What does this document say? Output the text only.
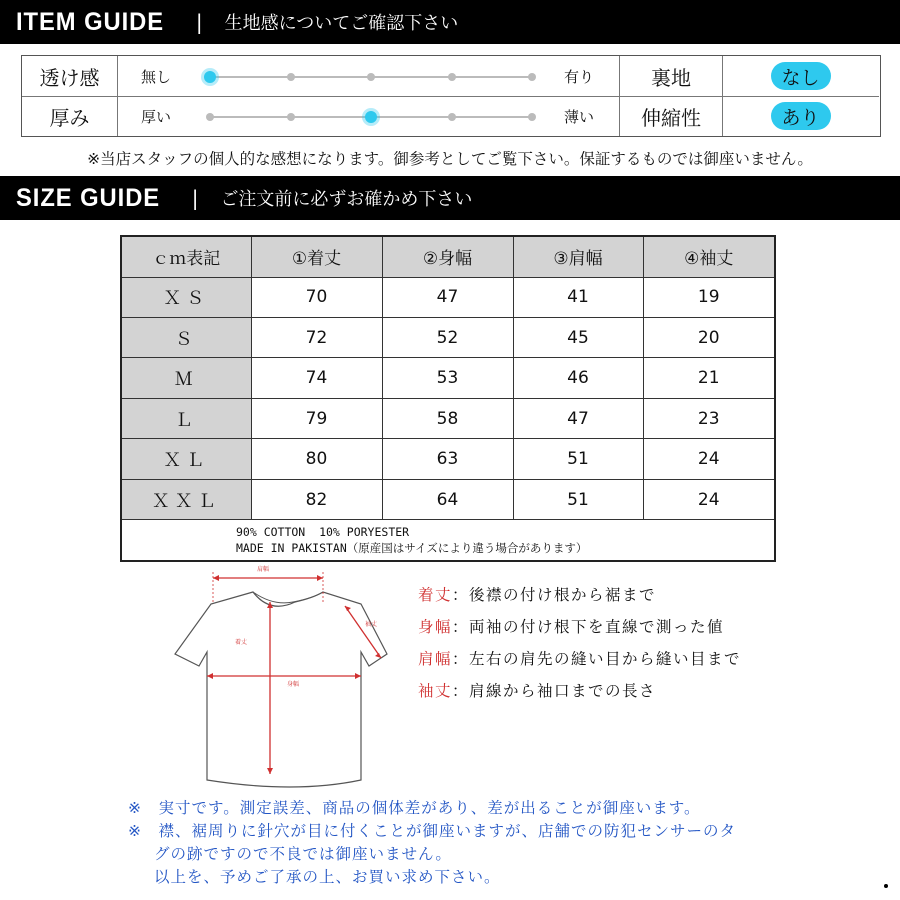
ITEM GUIDE | 生地感についてご確認下さい
透け感	無し	有り	裏地	なし
厚み	厚い	薄い	伸縮性	あり
※当店スタッフの個人的な感想になります。御参考としてご覧下さい。保証するものでは御座いません。
SIZE GUIDE | ご注文前に必ずお確かめ下さい
ｃｍ表記	①着丈	②身幅	③肩幅	④袖丈
ＸＳ	70	47	41	19
Ｓ	72	52	45	20
Ｍ	74	53	46	21
Ｌ	79	58	47	23
ＸＬ	80	63	51	24
ＸＸＬ	82	64	51	24

90% COTTON  10% PORYESTER
MADE IN PAKISTAN（原産国はサイズにより違う場合があります）				
肩幅
着丈
身幅
袖丈
着丈：後襟の付け根から裾まで
身幅：両袖の付け根下を直線で測った値
肩幅：左右の肩先の縫い目から縫い目まで
袖丈：肩線から袖口までの長さ
※　実寸です。測定誤差、商品の個体差があり、差が出ることが御座います。
※　襟、裾周りに針穴が目に付くことが御座いますが、店舗での防犯センサーのタ
グの跡ですので不良では御座いません。
以上を、予めご了承の上、お買い求め下さい。
